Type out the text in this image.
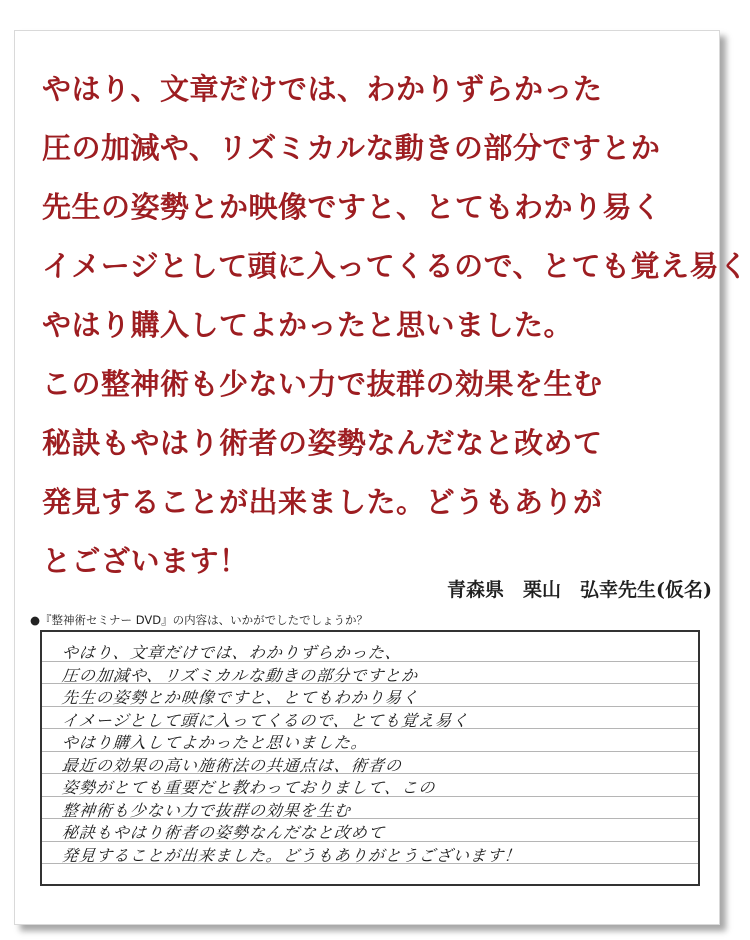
やはり、文章だけでは、わかりずらかった
圧の加減や、リズミカルな動きの部分ですとか
先生の姿勢とか映像ですと、とてもわかり易く
イメージとして頭に入ってくるので、とても覚え易く
やはり購入してよかったと思いました。
この整神術も少ない力で抜群の効果を生む
秘訣もやはり術者の姿勢なんだなと改めて
発見することが出来ました。どうもありが
とございます！
青森県　栗山　弘幸先生(仮名)
●『整神術セミナー DVD』の内容は、いかがでしたでしょうか？
やはり、文章だけでは、わかりずらかった、
圧の加減や、リズミカルな動きの部分ですとか
先生の姿勢とか映像ですと、とてもわかり易く
イメージとして頭に入ってくるので、とても覚え易く
やはり購入してよかったと思いました。
最近の効果の高い施術法の共通点は、術者の
姿勢がとても重要だと教わっておりまして、この
整神術も少ない力で抜群の効果を生む
秘訣もやはり術者の姿勢なんだなと改めて
発見することが出来ました。どうもありがとうございます！
